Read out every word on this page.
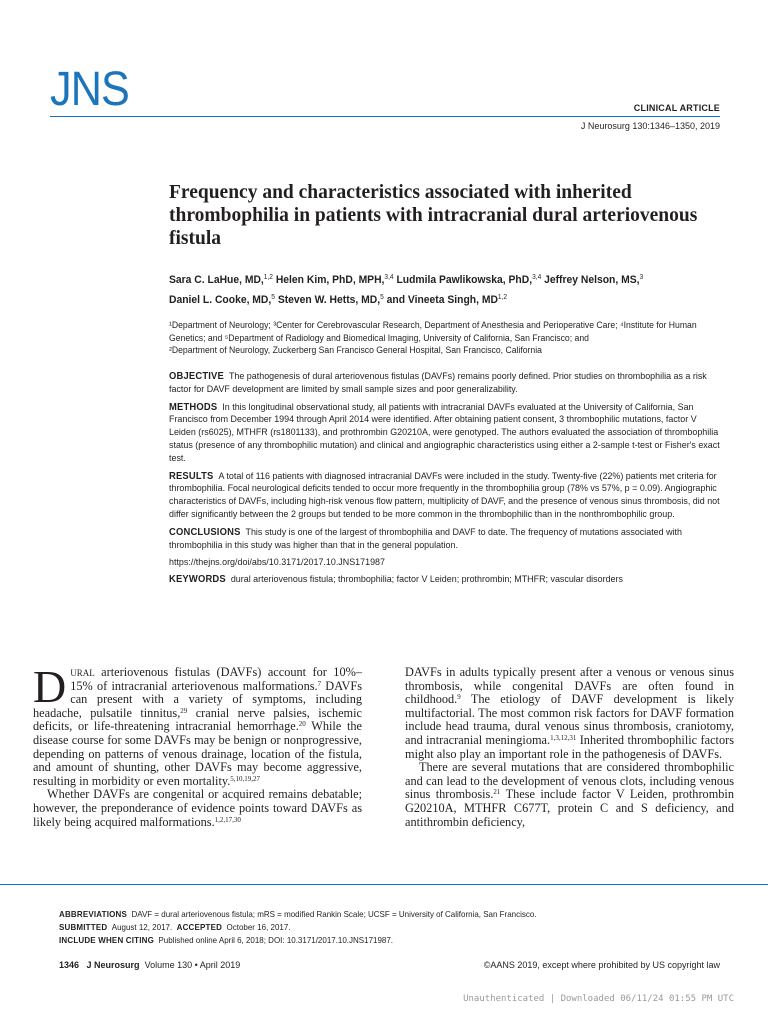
JNS	CLINICAL ARTICLE
J Neurosurg 130:1346–1350, 2019
Frequency and characteristics associated with inherited thrombophilia in patients with intracranial dural arteriovenous fistula
Sara C. LaHue, MD,$^{1,2}$ Helen Kim, PhD, MPH,$^{3,4}$ Ludmila Pawlikowska, PhD,$^{3,4}$ Jeffrey Nelson, MS,$^3$
Daniel L. Cooke, MD,$^5$ Steven W. Hetts, MD,$^5$ and Vineeta Singh, MD$^{1,2}$

¹Department of Neurology; ³Center for Cerebrovascular Research, Department of Anesthesia and Perioperative Care; ⁴Institute for Human Genetics; and ⁵Department of Radiology and Biomedical Imaging, University of California, San Francisco; and

²Department of Neurology, Zuckerberg San Francisco General Hospital, San Francisco, California

OBJECTIVE The pathogenesis of dural arteriovenous fistulas (DAVFs) remains poorly defined. Prior studies on thrombophilia as a risk factor for DAVF development are limited by small sample sizes and poor generalizability.

METHODS In this longitudinal observational study, all patients with intracranial DAVFs evaluated at the University of California, San Francisco from December 1994 through April 2014 were identified. After obtaining patient consent, 3 thrombophilic mutations, factor V Leiden (rs6025), MTHFR (rs1801133), and prothrombin G20210A, were genotyped. The authors evaluated the association of thrombophilia status (presence of any thrombophilic mutation) and clinical and angiographic characteristics using either a 2-sample t-test or Fisher's exact test.

RESULTS A total of 116 patients with diagnosed intracranial DAVFs were included in the study. Twenty-five (22%) patients met criteria for thrombophilia. Focal neurological deficits tended to occur more frequently in the thrombophilia group (78% vs 57%, p = 0.09). Angiographic characteristics of DAVFs, including high-risk venous flow pattern, multiplicity of DAVF, and the presence of venous sinus thrombosis, did not differ significantly between the 2 groups but tended to be more common in the thrombophilic than in the nonthrombophilic group.

CONCLUSIONS This study is one of the largest of thrombophilia and DAVF to date. The frequency of mutations associated with thrombophilia in this study was higher than that in the general population.

https://thejns.org/doi/abs/10.3171/2017.10.JNS171987

KEYWORDS dural arteriovenous fistula; thrombophilia; factor V Leiden; prothrombin; MTHFR; vascular disorders

Dural arteriovenous fistulas (DAVFs) account for 10%–15% of intracranial arteriovenous malformations.$^7$ DAVFs can present with a variety of symptoms, including headache, pulsatile tinnitus,$^{29}$ cranial nerve palsies, ischemic deficits, or life-threatening intracranial hemorrhage.$^{20}$ While the disease course for some DAVFs may be benign or nonprogressive, depending on patterns of venous drainage, location of the fistula, and amount of shunting, other DAVFs may become aggressive, resulting in morbidity or even mortality.$^{5,10,19,27}$

Whether DAVFs are congenital or acquired remains debatable; however, the preponderance of evidence points toward DAVFs as likely being acquired malformations.$^{1,2,17,30}$

DAVFs in adults typically present after a venous or venous sinus thrombosis, while congenital DAVFs are often found in childhood.$^9$ The etiology of DAVF development is likely multifactorial. The most common risk factors for DAVF formation include head trauma, dural venous sinus thrombosis, craniotomy, and intracranial meningioma.$^{1,3,12,31}$ Inherited thrombophilic factors might also play an important role in the pathogenesis of DAVFs.

There are several mutations that are considered thrombophilic and can lead to the development of venous clots, including venous sinus thrombosis.$^{21}$ These include factor V Leiden, prothrombin G20210A, MTHFR C677T, protein C and S deficiency, and antithrombin deficiency,

ABBREVIATIONS DAVF = dural arteriovenous fistula; mRS = modified Rankin Scale; UCSF = University of California, San Francisco.

SUBMITTED August 12, 2017. ACCEPTED October 16, 2017.

INCLUDE WHEN CITING Published online April 6, 2018; DOI: 10.3171/2017.10.JNS171987.

1346 J Neurosurg Volume 130 • April 2019	©AANS 2019, except where prohibited by US copyright law
Unauthenticated | Downloaded 06/11/24 01:55 PM UTC
